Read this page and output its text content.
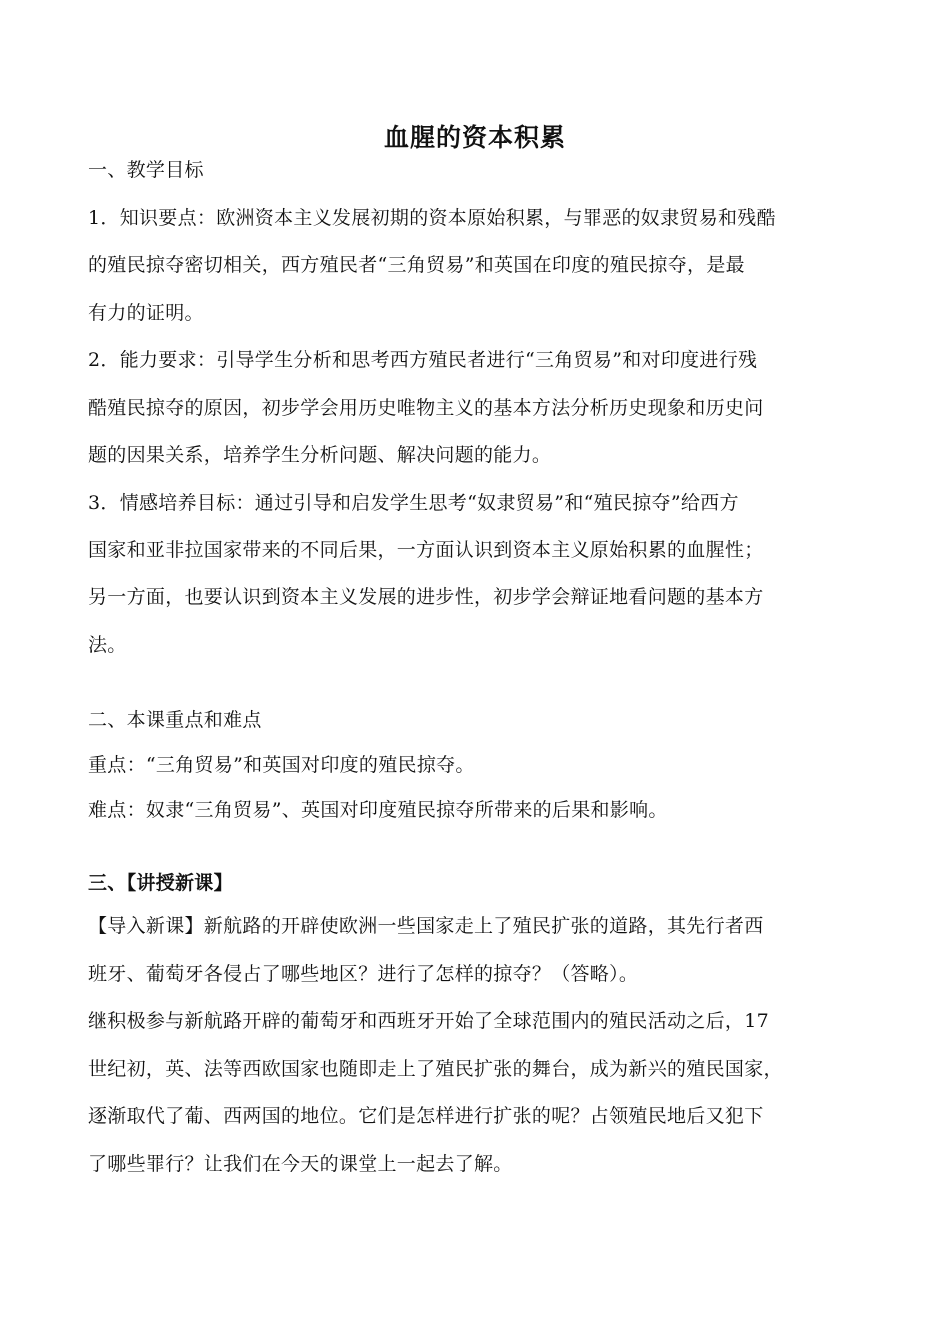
血腥的资本积累
一、教学目标
1．知识要点：欧洲资本主义发展初期的资本原始积累，与罪恶的奴隶贸易和残酷
的殖民掠夺密切相关，西方殖民者“三角贸易”和英国在印度的殖民掠夺，是最
有力的证明。
2．能力要求：引导学生分析和思考西方殖民者进行“三角贸易”和对印度进行残
酷殖民掠夺的原因，初步学会用历史唯物主义的基本方法分析历史现象和历史问
题的因果关系，培养学生分析问题、解决问题的能力。
3．情感培养目标：通过引导和启发学生思考“奴隶贸易”和“殖民掠夺”给西方
国家和亚非拉国家带来的不同后果，一方面认识到资本主义原始积累的血腥性；
另一方面，也要认识到资本主义发展的进步性，初步学会辩证地看问题的基本方
法。
二、本课重点和难点
重点：“三角贸易”和英国对印度的殖民掠夺。
难点：奴隶“三角贸易”、英国对印度殖民掠夺所带来的后果和影响。
三、【讲授新课】
【导入新课】新航路的开辟使欧洲一些国家走上了殖民扩张的道路，其先行者西
班牙、葡萄牙各侵占了哪些地区？进行了怎样的掠夺？（答略）。
继积极参与新航路开辟的葡萄牙和西班牙开始了全球范围内的殖民活动之后，17
世纪初，英、法等西欧国家也随即走上了殖民扩张的舞台，成为新兴的殖民国家，
逐渐取代了葡、西两国的地位。它们是怎样进行扩张的呢？占领殖民地后又犯下
了哪些罪行？让我们在今天的课堂上一起去了解。
